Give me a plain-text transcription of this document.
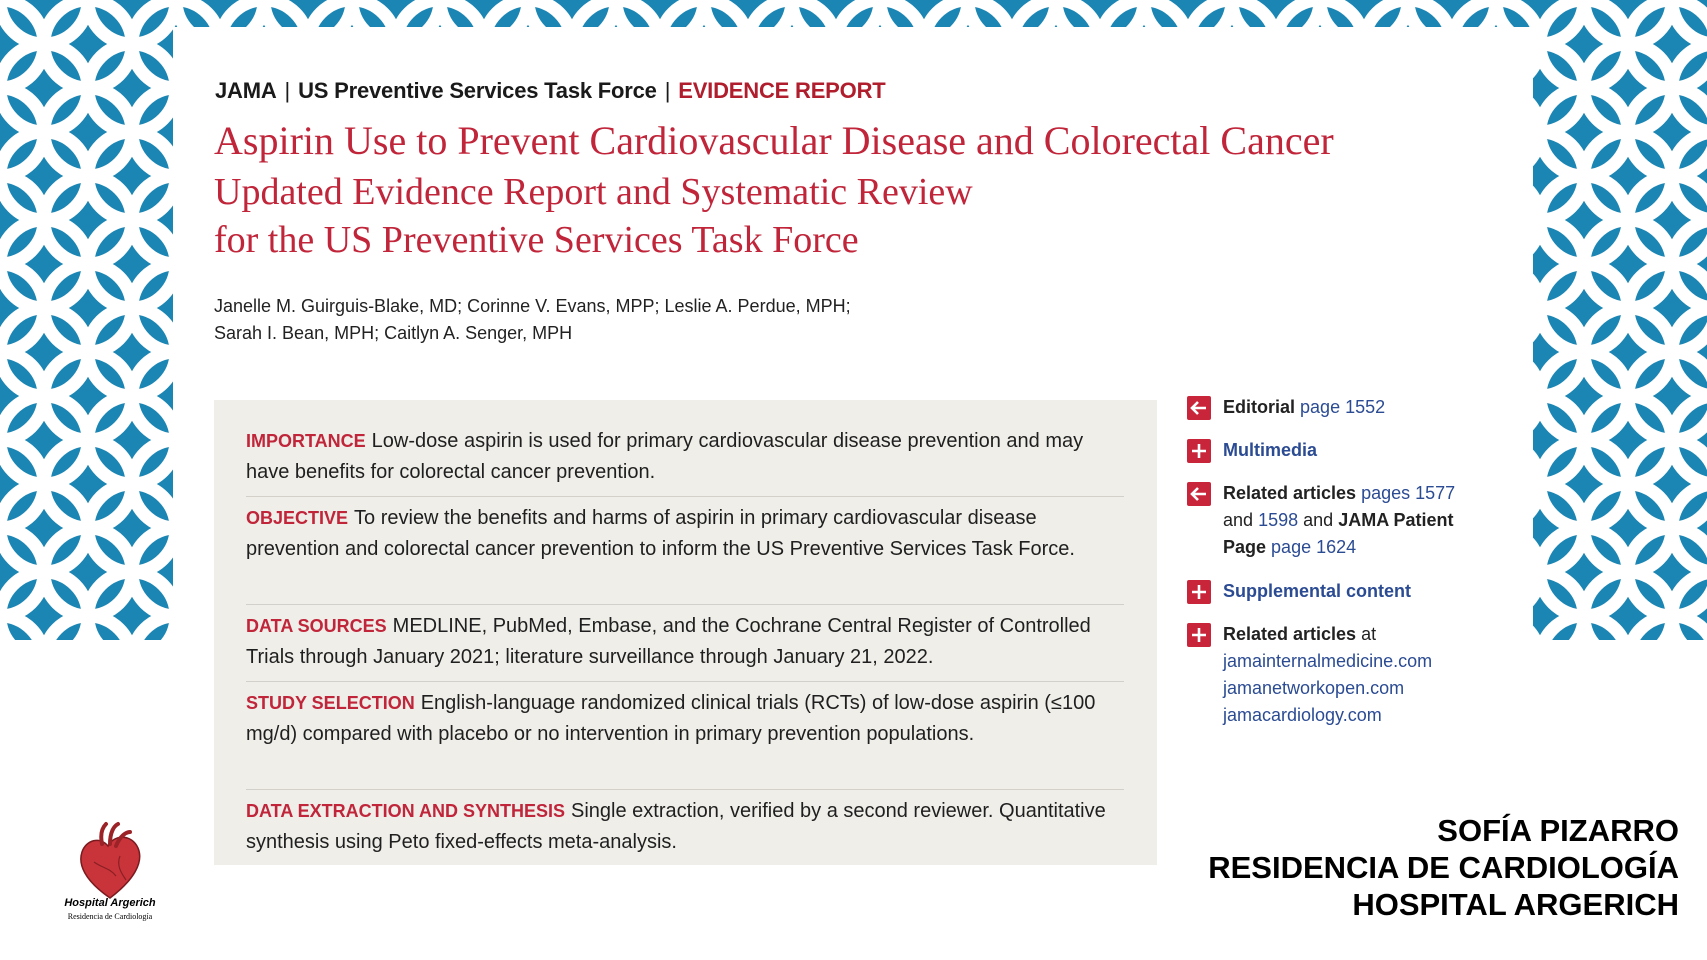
JAMA | US Preventive Services Task Force | EVIDENCE REPORT
Aspirin Use to Prevent Cardiovascular Disease and Colorectal Cancer
Updated Evidence Report and Systematic Review
for the US Preventive Services Task Force
Janelle M. Guirguis-Blake, MD; Corinne V. Evans, MPP; Leslie A. Perdue, MPH;
Sarah I. Bean, MPH; Caitlyn A. Senger, MPH
IMPORTANCE Low-dose aspirin is used for primary cardiovascular disease prevention and may have benefits for colorectal cancer prevention.
OBJECTIVE To review the benefits and harms of aspirin in primary cardiovascular disease prevention and colorectal cancer prevention to inform the US Preventive Services Task Force.
DATA SOURCES MEDLINE, PubMed, Embase, and the Cochrane Central Register of Controlled Trials through January 2021; literature surveillance through January 21, 2022.
STUDY SELECTION English-language randomized clinical trials (RCTs) of low-dose aspirin (≤100 mg/d) compared with placebo or no intervention in primary prevention populations.
DATA EXTRACTION AND SYNTHESIS Single extraction, verified by a second reviewer. Quantitative synthesis using Peto fixed-effects meta-analysis.
Editorial page 1552
Multimedia
Related articles pages 1577
and 1598 and JAMA Patient
Page page 1624
Supplemental content
Related articles at
jamainternalmedicine.com
jamanetworkopen.com
jamacardiology.com
Hospital Argerich
Residencia de Cardiología
SOFÍA PIZARRO
RESIDENCIA DE CARDIOLOGÍA
HOSPITAL ARGERICH
